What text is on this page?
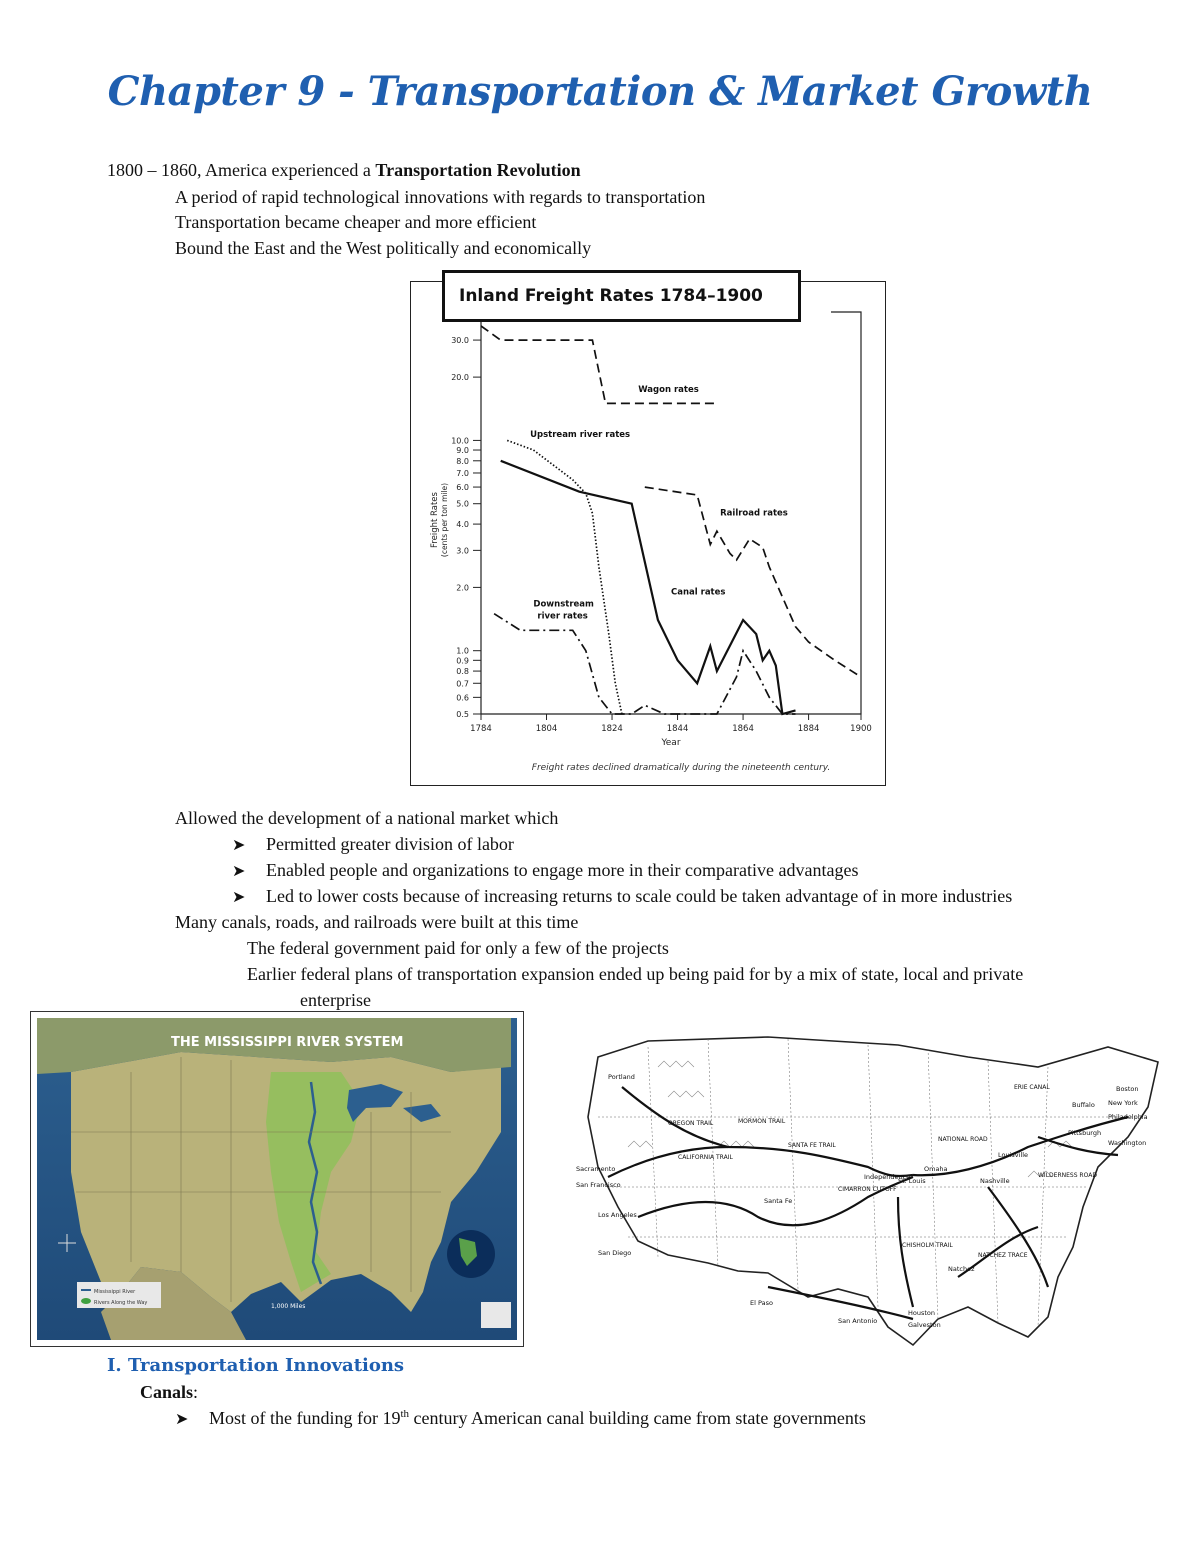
Chapter 9 - Transportation & Market Growth
1800 – 1860, America experienced a Transportation Revolution
A period of rapid technological innovations with regards to transportation
Transportation became cheaper and more efficient
Bound the East and the West politically and economically
0.5
0.6
0.7
0.8
0.9
1.0
2.0
3.0
4.0
5.0
6.0
7.0
8.0
9.0
10.0
20.0
30.0
1784	1804	1824	1844	1864	1884	1900
Year
Freight Rates (cents per ton mile)
Wagon rates
Upstream river rates
Railroad rates
Canal rates
Downstream
river rates
Freight rates declined dramatically during the nineteenth century.
Inland Freight Rates 1784–1900
Allowed the development of a national market which
➤ Permitted greater division of labor
➤ Enabled people and organizations to engage more in their comparative advantages
➤ Led to lower costs because of increasing returns to scale could be taken advantage of in more industries
Many canals, roads, and railroads were built at this time
The federal government paid for only a few of the projects
Earlier federal plans of transportation expansion ended up being paid for by a mix of state, local and private
enterprise
THE MISSISSIPPI RIVER SYSTEM
Mississippi River
Rivers Along the Way	1,000 Miles
Portland
Sacramento
San Francisco
Los Angeles
San Diego
El Paso
San Antonio
Houston
Galveston
Natchez
Nashville
Louisville
Pittsburgh
Washington
Philadelphia
New York
Boston
Buffalo
St. Louis
Independence
Omaha
Santa Fe
OREGON TRAIL
CALIFORNIA TRAIL
MORMON TRAIL
SANTA FE TRAIL
CIMARRON CUTOFF
NATIONAL ROAD
WILDERNESS ROAD
NATCHEZ TRACE
ERIE CANAL
CHISHOLM TRAIL
I. Transportation Innovations
Canals:
➤ Most of the funding for 19th century American canal building came from state governments
